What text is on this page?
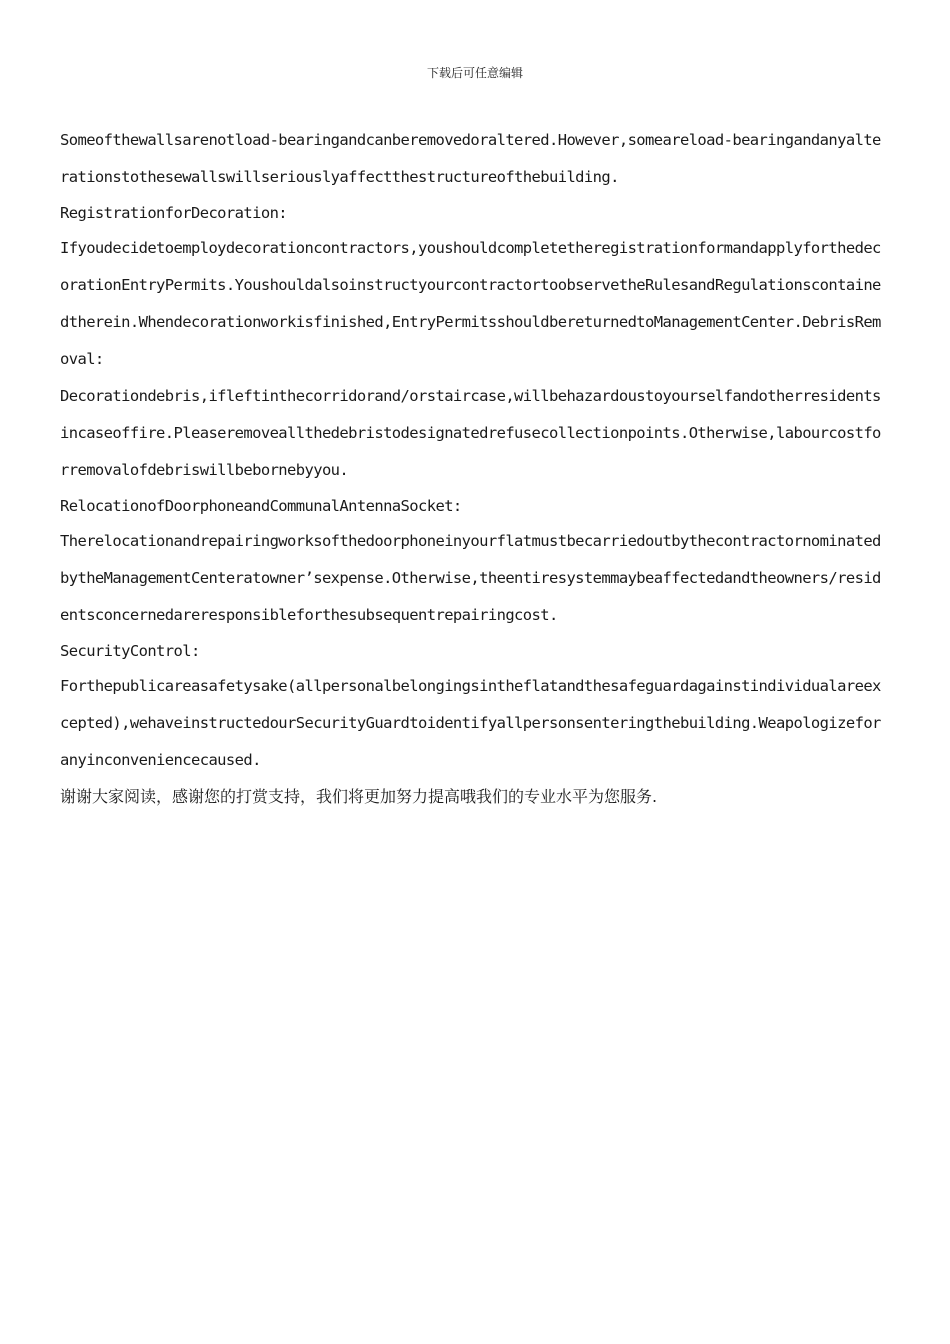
下载后可任意编辑

Someofthewallsarenotload-bearingandcanberemovedoraltered.However,someareload-bearingandanyalterationstothesewallswillseriouslyaffectthestructureofthebuilding.

RegistrationforDecoration:

Ifyoudecidetoemploydecorationcontractors,youshouldcompletetheregistrationformandapplyforthedecorationEntryPermits.YoushouldalsoinstructyourcontractortoobservetheRulesandRegulationscontainedtherein.Whendecorationworkisfinished,EntryPermitsshouldbereturnedtoManagementCenter.DebrisRemoval:

Decorationdebris,ifleftinthecorridorand/orstaircase,willbehazardoustoyourselfandotherresidentsincaseoffire.Pleaseremoveallthedebristodesignatedrefusecollectionpoints.Otherwise,labourcostforremovalofdebriswillbebornebyyou.

RelocationofDoorphoneandCommunalAntennaSocket:

TherelocationandrepairingworksofthedoorphoneinyourflatmustbecarriedoutbythecontractornominatedbytheManagementCenteratowner’sexpense.Otherwise,theentiresystemmaybeaffectedandtheowners/residentsconcernedareresponsibleforthesubsequentrepairingcost.

SecurityControl:

Forthepublicareasafetysake(allpersonalbelongingsintheflatandthesafeguardagainstindividualareexcepted),wehaveinstructedourSecurityGuardtoidentifyallpersonsenteringthebuilding.Weapologizeforanyinconveniencecaused.

谢谢大家阅读，感谢您的打赏支持，我们将更加努力提高哦我们的专业水平为您服务.
